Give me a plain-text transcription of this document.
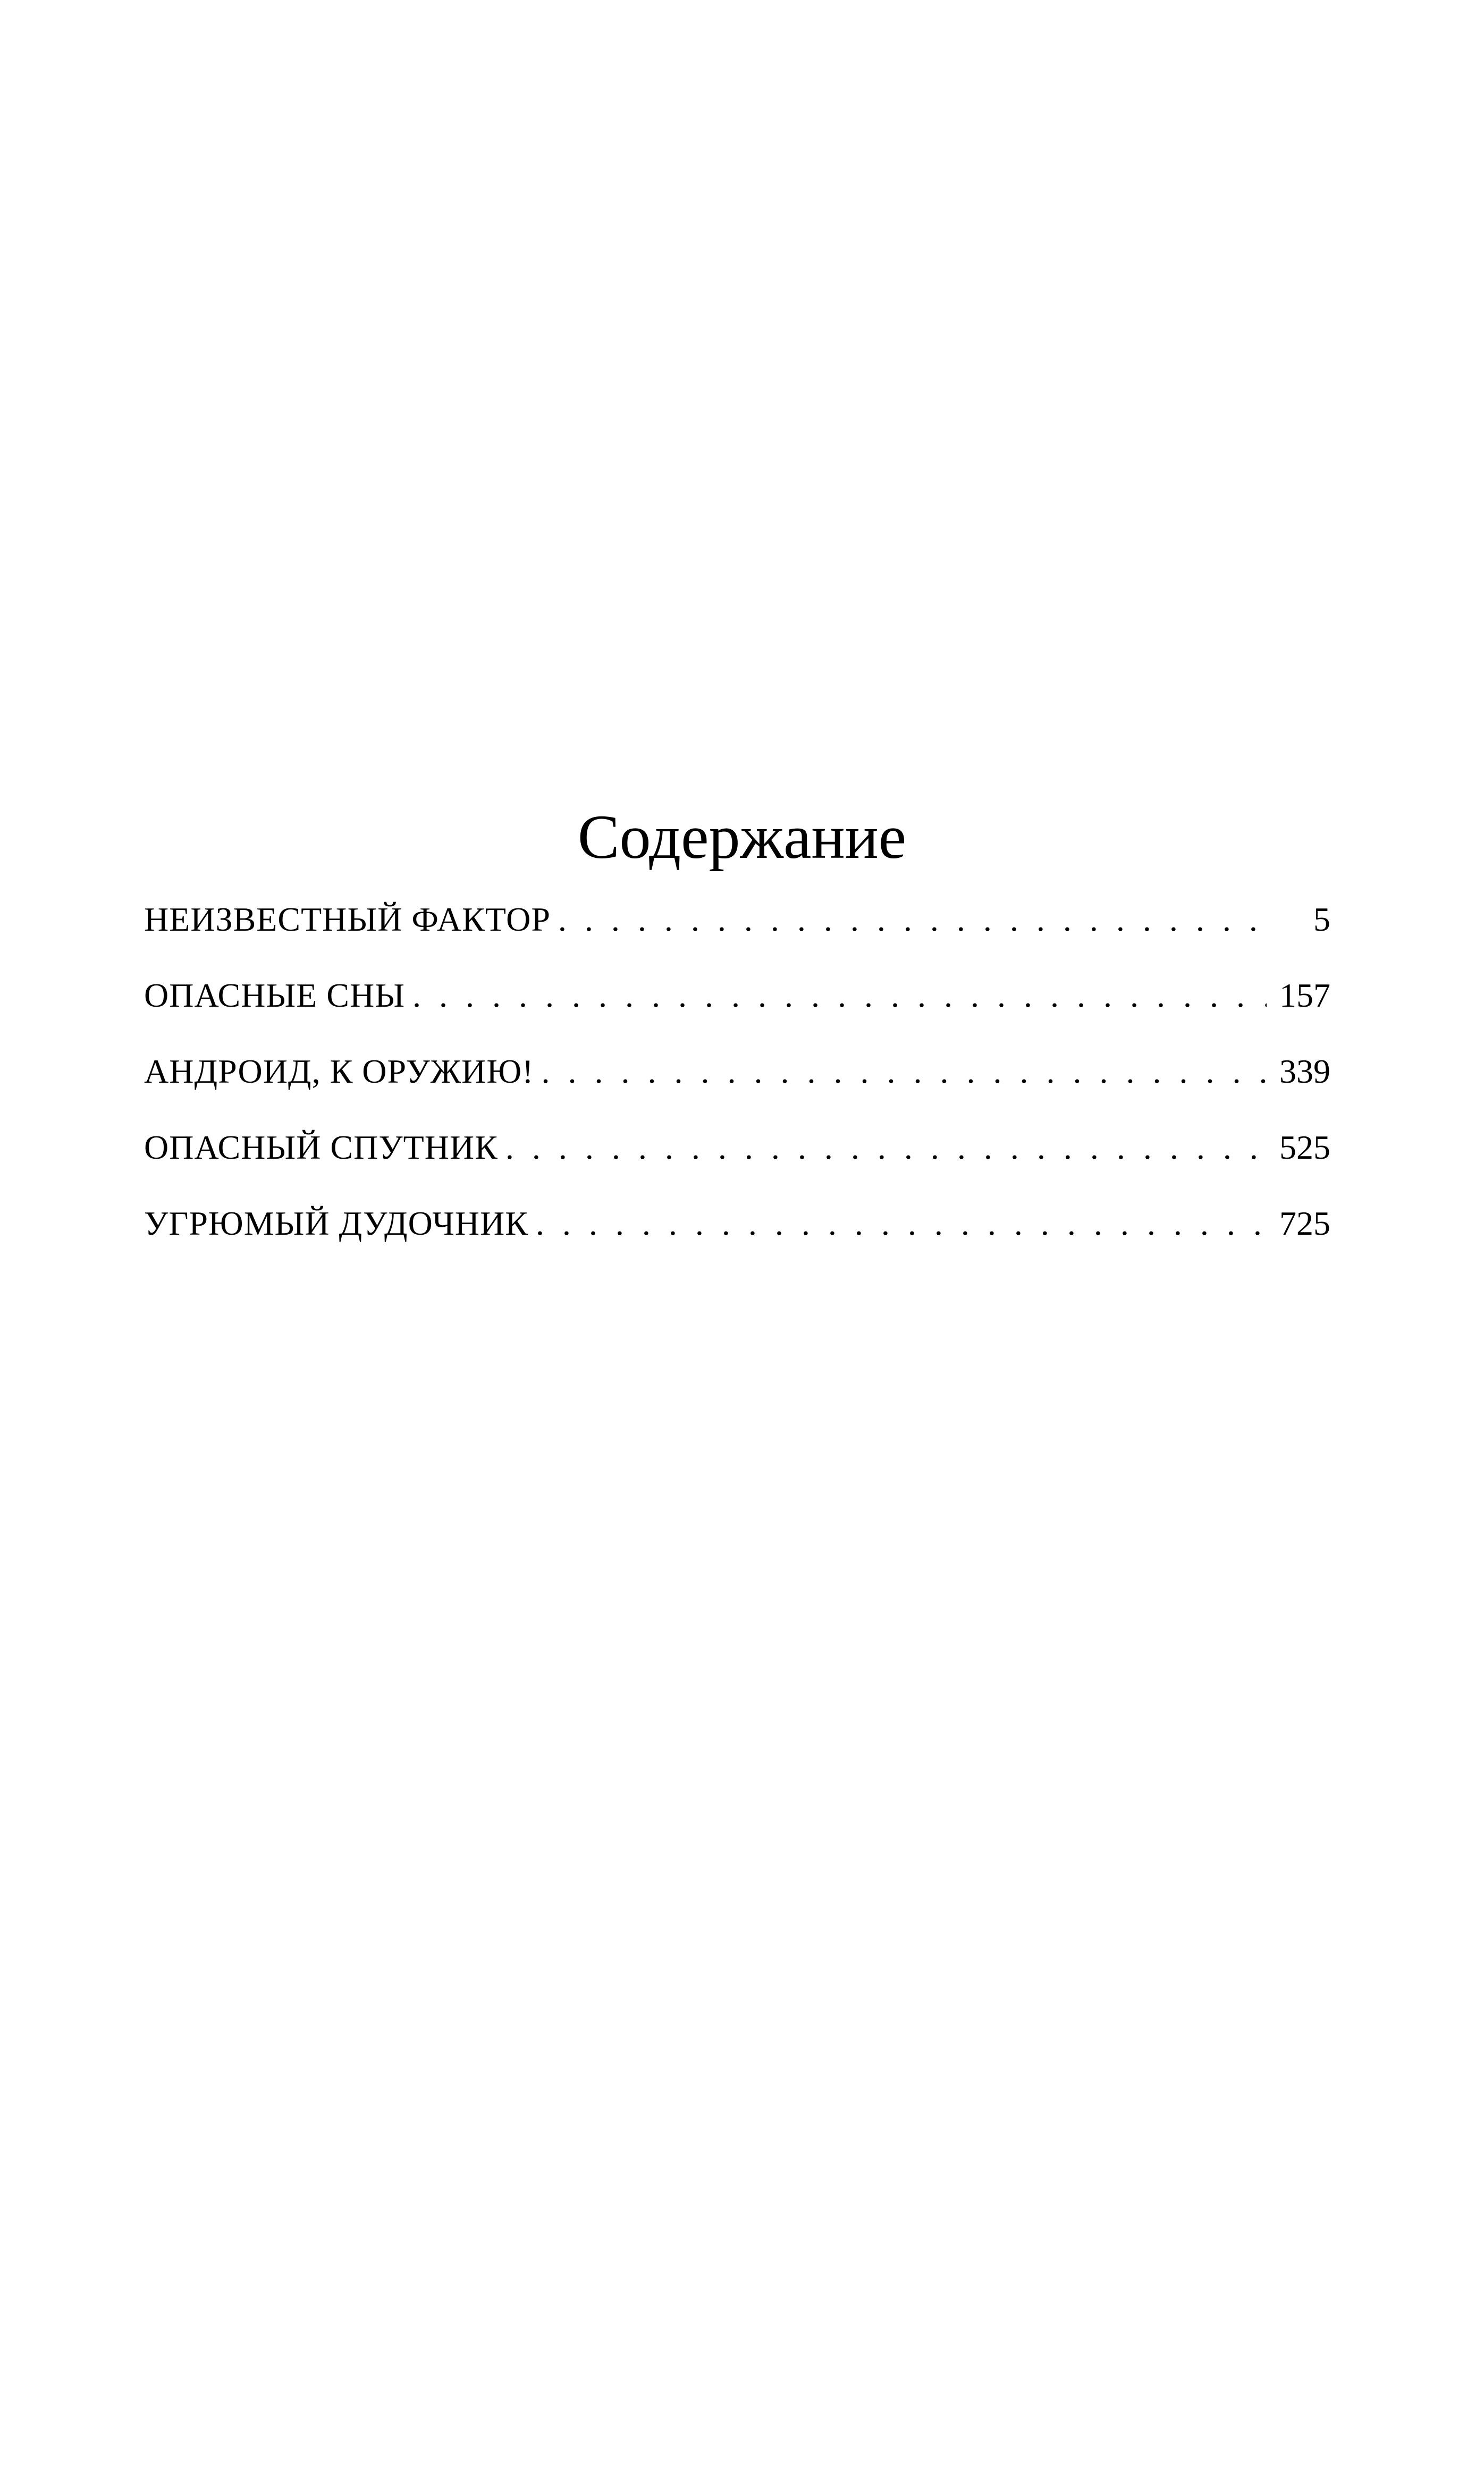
Содержание
НЕИЗВЕСТНЫЙ ФАКТОР . . .	5
ОПАСНЫЕ СНЫ . . .	157
АНДРОИД, К ОРУЖИЮ! . . .	339
ОПАСНЫЙ СПУТНИК . . .	525
УГРЮМЫЙ ДУДОЧНИК . . .	725
